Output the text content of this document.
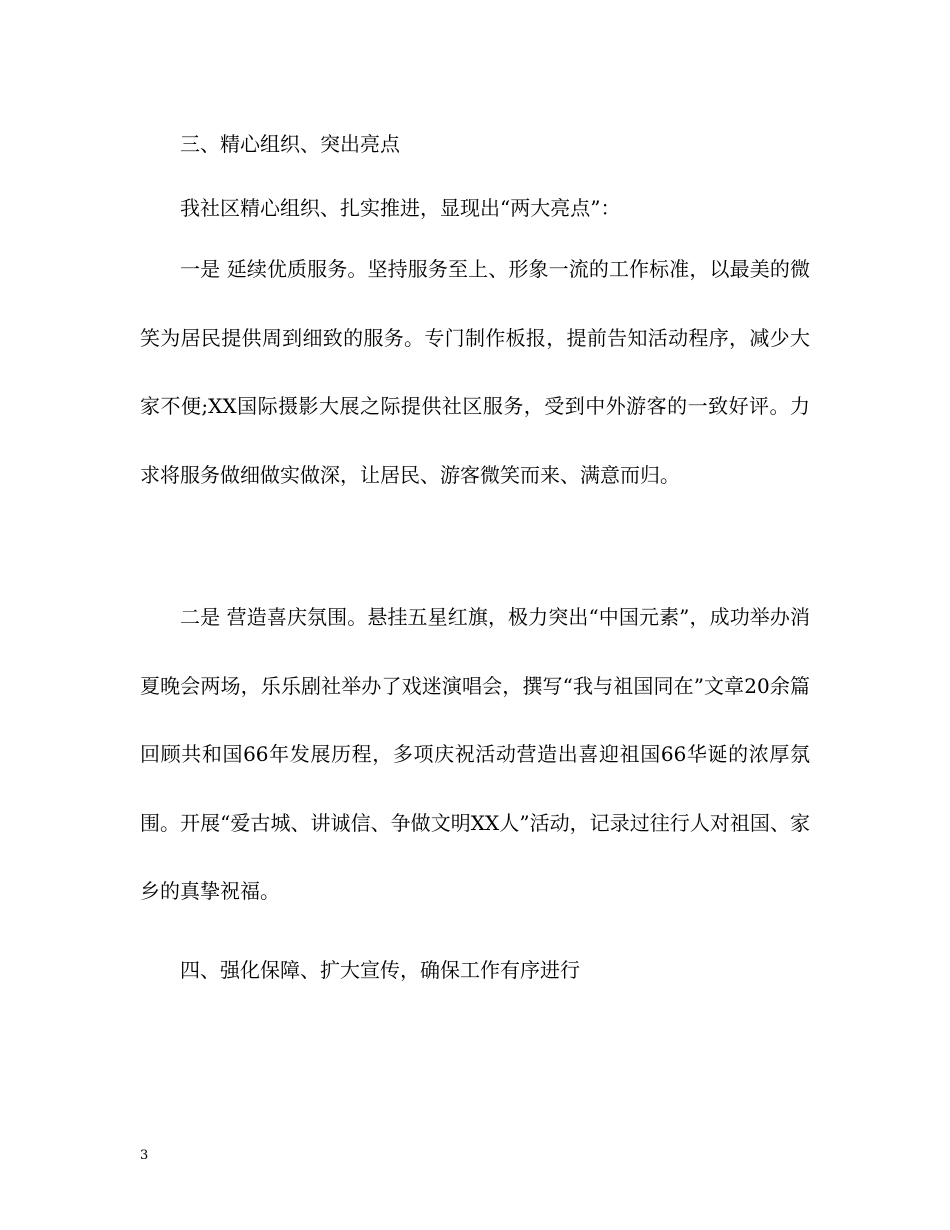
三、精心组织、突出亮点

我社区精心组织、扎实推进，显现出“两大亮点”：

一是 延续优质服务。坚持服务至上、形象一流的工作标准，以最美的微笑为居民提供周到细致的服务。专门制作板报，提前告知活动程序，减少大家不便;XX国际摄影大展之际提供社区服务，受到中外游客的一致好评。力求将服务做细做实做深，让居民、游客微笑而来、满意而归。

二是 营造喜庆氛围。悬挂五星红旗，极力突出“中国元素”，成功举办消夏晚会两场，乐乐剧社举办了戏迷演唱会，撰写“我与祖国同在”文章20余篇回顾共和国66年发展历程，多项庆祝活动营造出喜迎祖国66华诞的浓厚氛围。开展“爱古城、讲诚信、争做文明XX人”活动，记录过往行人对祖国、家乡的真挚祝福。

四、强化保障、扩大宣传，确保工作有序进行

3
